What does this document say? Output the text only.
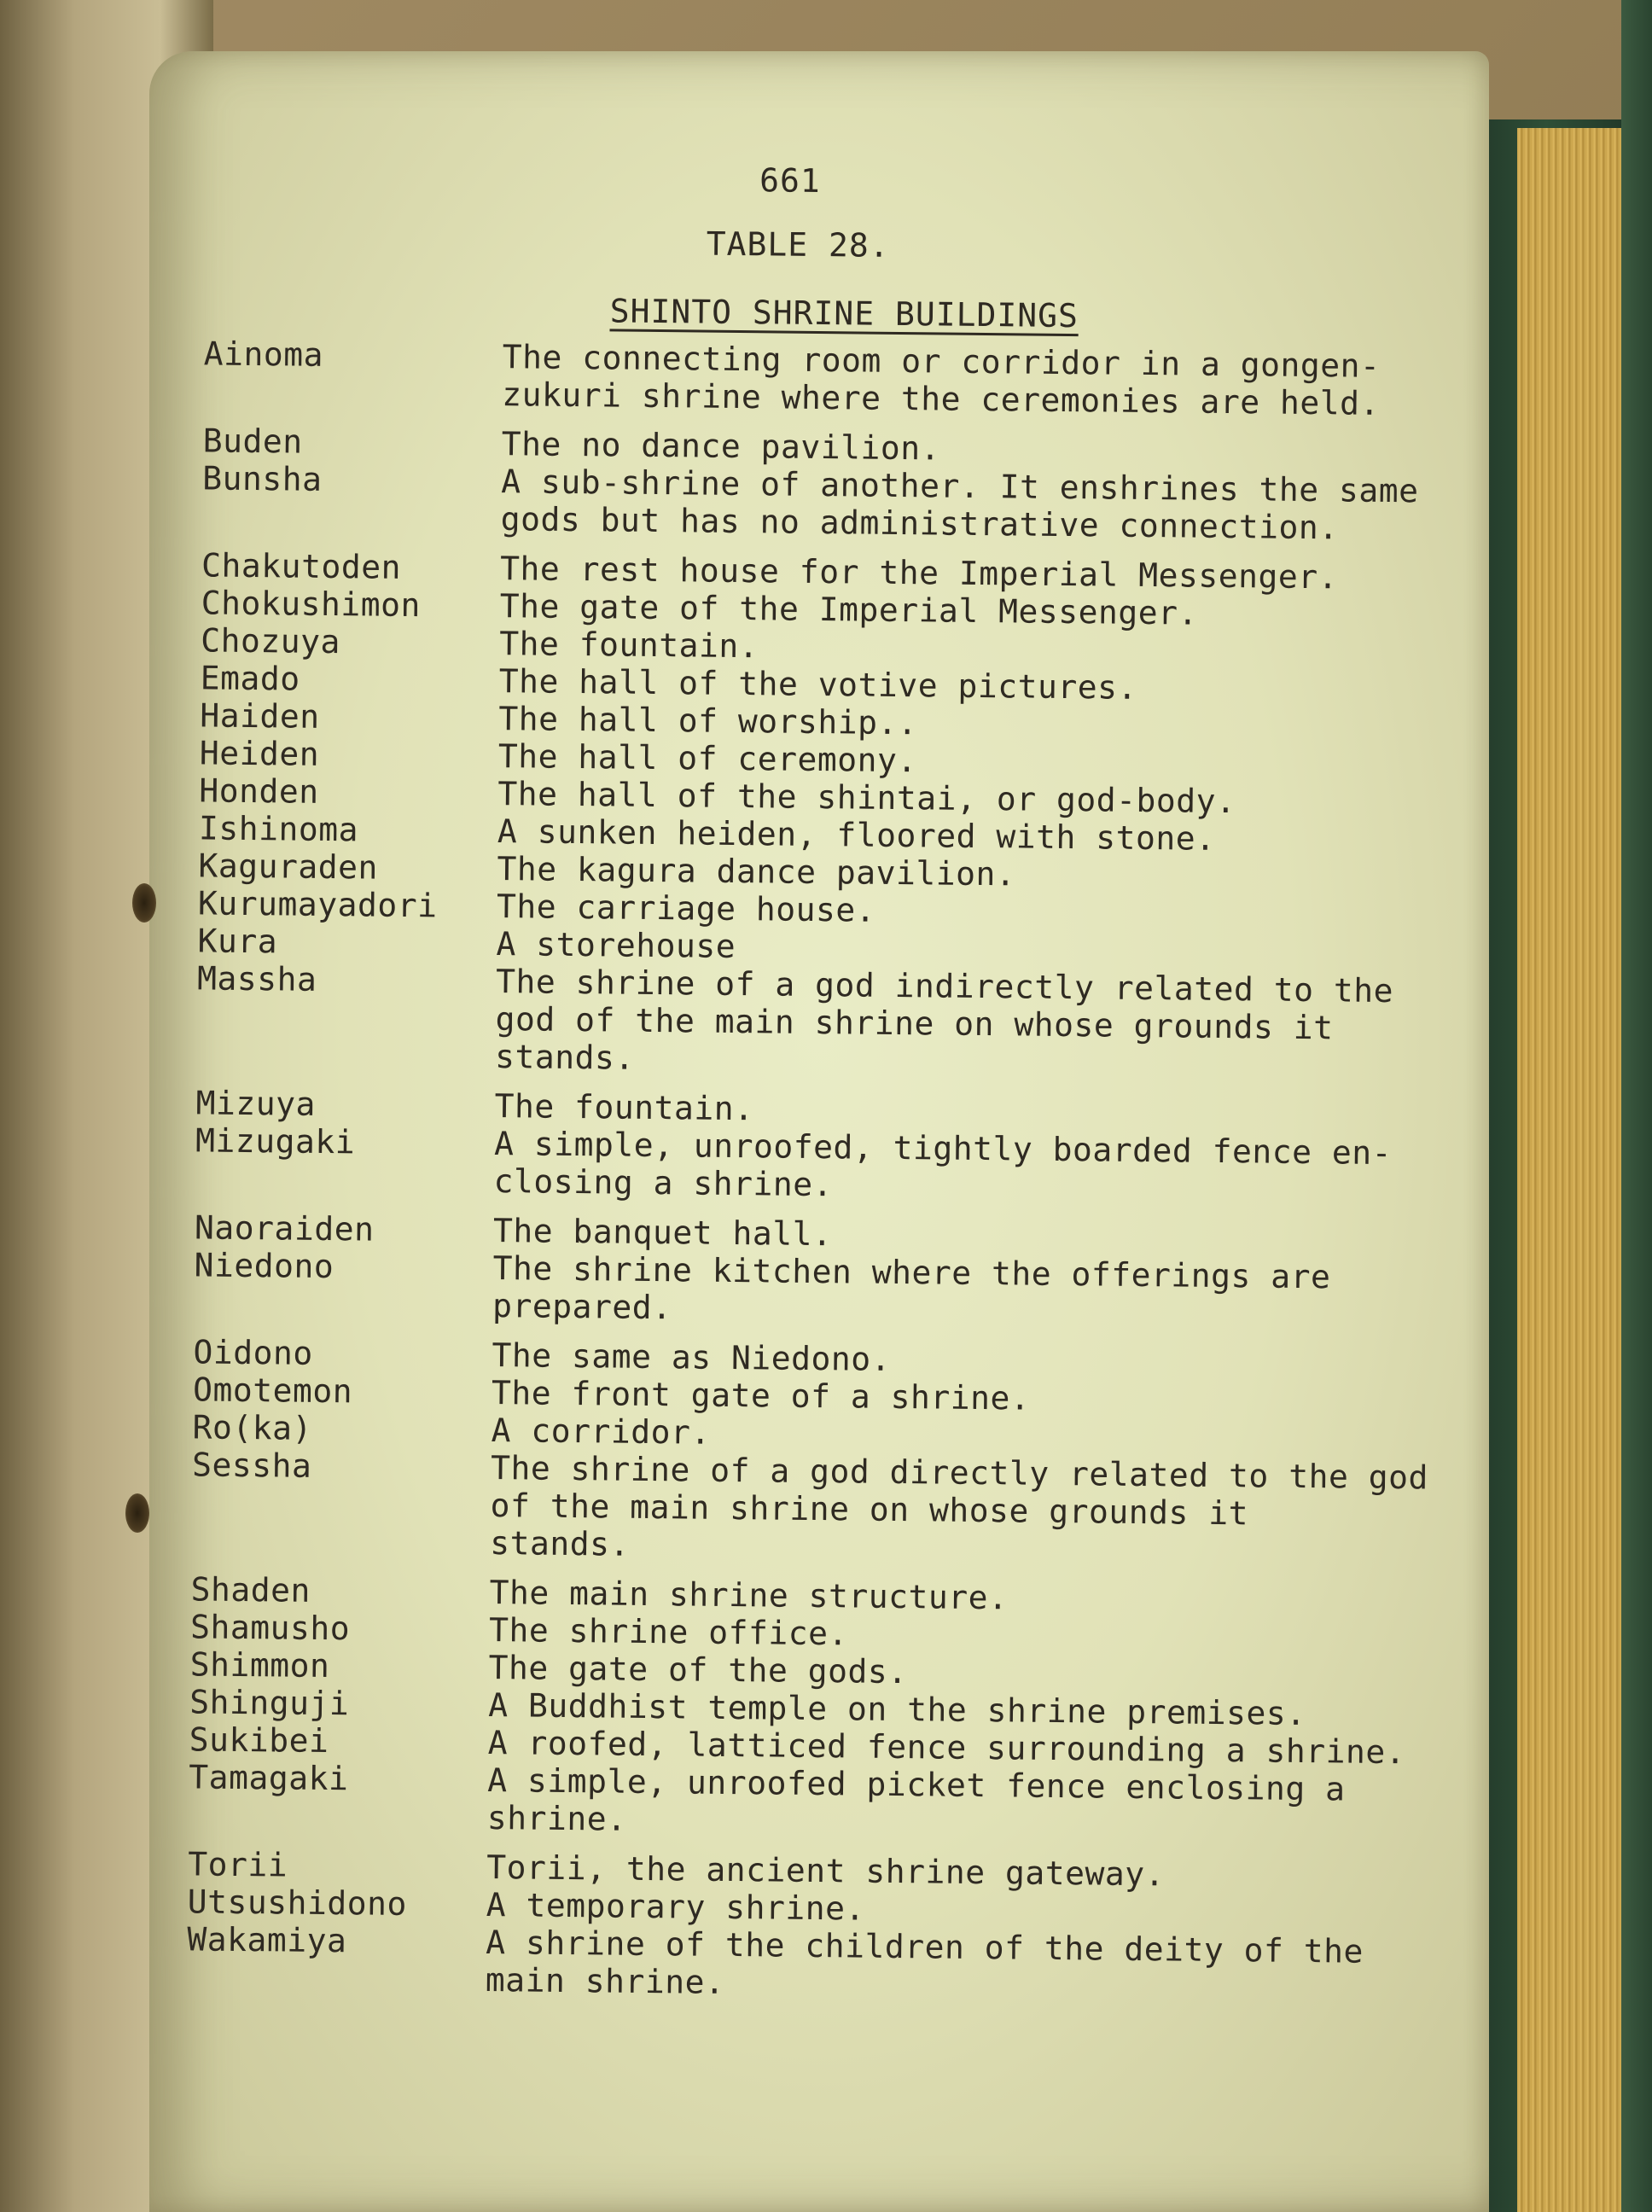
661
TABLE 28.
SHINTO SHRINE BUILDINGS
Ainoma	The connecting room or corridor in a gongen-
zukuri shrine where the ceremonies are held.
Buden	The no dance pavilion.
Bunsha	A sub-shrine of another. It enshrines the same
gods but has no administrative connection.
Chakutoden	The rest house for the Imperial Messenger.
Chokushimon	The gate of the Imperial Messenger.
Chozuya	The fountain.
Emado	The hall of the votive pictures.
Haiden	The hall of worship..
Heiden	The hall of ceremony.
Honden	The hall of the shintai, or god-body.
Ishinoma	A sunken heiden, floored with stone.
Kaguraden	The kagura dance pavilion.
Kurumayadori	The carriage house.
Kura	A storehouse
Massha	The shrine of a god indirectly related to the
god of the main shrine on whose grounds it
stands.
Mizuya	The fountain.
Mizugaki	A simple, unroofed, tightly boarded fence en-
closing a shrine.
Naoraiden	The banquet hall.
Niedono	The shrine kitchen where the offerings are
prepared.
Oidono	The same as Niedono.
Omotemon	The front gate of a shrine.
Ro(ka)	A corridor.
Sessha	The shrine of a god directly related to the god
of the main shrine on whose grounds it
stands.
Shaden	The main shrine structure.
Shamusho	The shrine office.
Shimmon	The gate of the gods.
Shinguji	A Buddhist temple on the shrine premises.
Sukibei	A roofed, latticed fence surrounding a shrine.
Tamagaki	A simple, unroofed picket fence enclosing a
shrine.
Torii	Torii, the ancient shrine gateway.
Utsushidono	A temporary shrine.
Wakamiya	A shrine of the children of the deity of the
main shrine.
